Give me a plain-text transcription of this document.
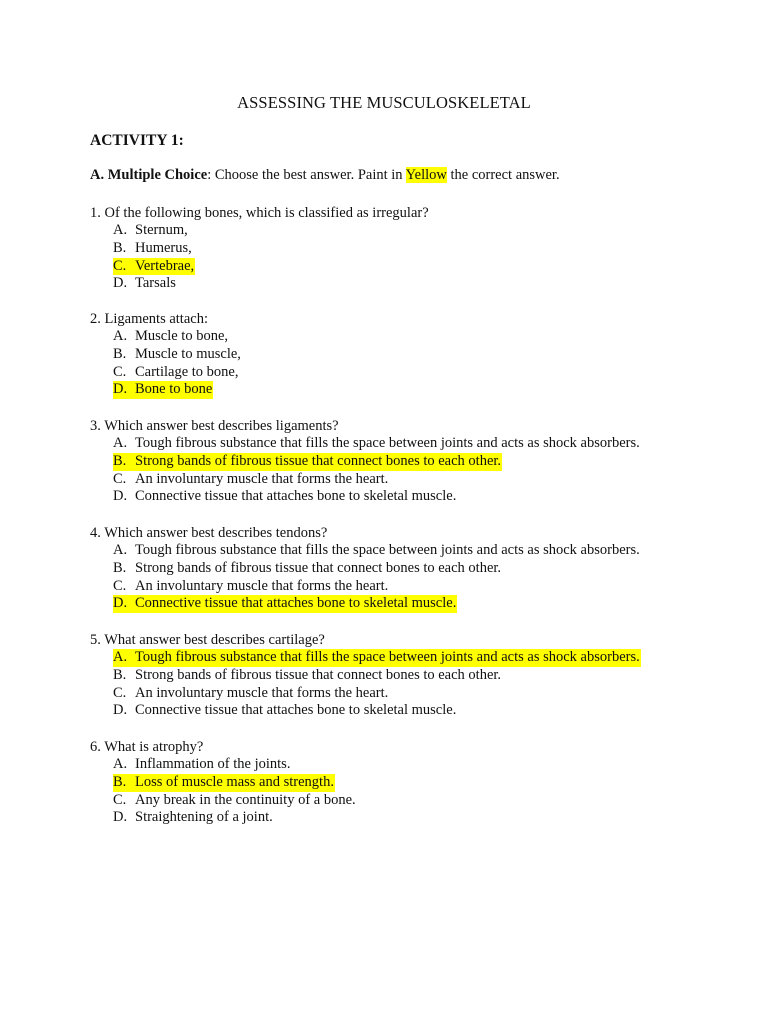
ASSESSING THE MUSCULOSKELETAL
ACTIVITY 1:
A. Multiple Choice: Choose the best answer. Paint in Yellow the correct answer.
1. Of the following bones, which is classified as irregular?
A. Sternum,
B. Humerus,
C. Vertebrae,
D. Tarsals
2. Ligaments attach:
A. Muscle to bone,
B. Muscle to muscle,
C. Cartilage to bone,
D. Bone to bone
3. Which answer best describes ligaments?
A. Tough fibrous substance that fills the space between joints and acts as shock absorbers.
B. Strong bands of fibrous tissue that connect bones to each other.
C. An involuntary muscle that forms the heart.
D. Connective tissue that attaches bone to skeletal muscle.
4. Which answer best describes tendons?
A. Tough fibrous substance that fills the space between joints and acts as shock absorbers.
B. Strong bands of fibrous tissue that connect bones to each other.
C. An involuntary muscle that forms the heart.
D. Connective tissue that attaches bone to skeletal muscle.
5. What answer best describes cartilage?
A. Tough fibrous substance that fills the space between joints and acts as shock absorbers.
B. Strong bands of fibrous tissue that connect bones to each other.
C. An involuntary muscle that forms the heart.
D. Connective tissue that attaches bone to skeletal muscle.
6. What is atrophy?
A. Inflammation of the joints.
B. Loss of muscle mass and strength.
C. Any break in the continuity of a bone.
D. Straightening of a joint.
